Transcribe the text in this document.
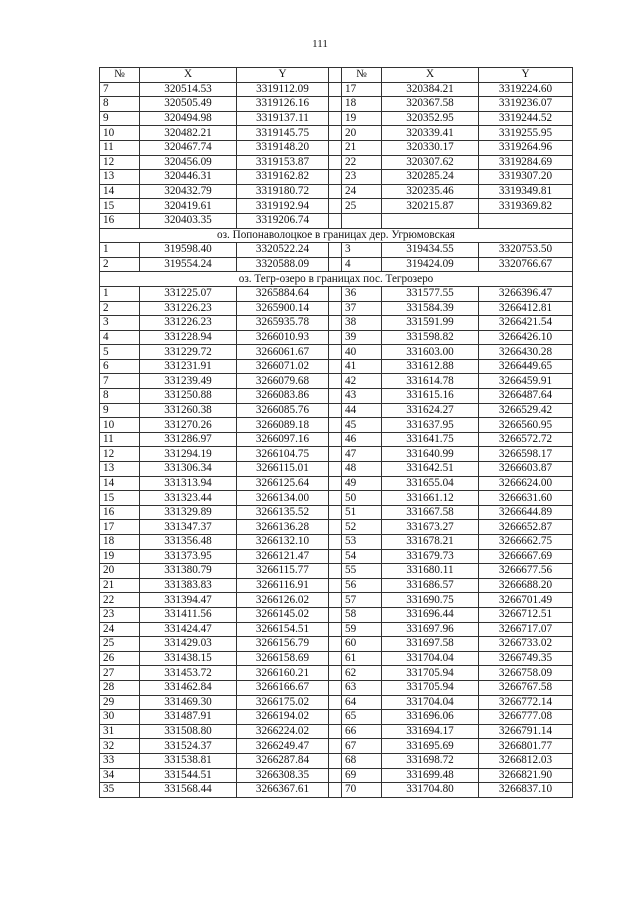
111
№	X	Y		№	X	Y
7	320514.53	3319112.09		17	320384.21	3319224.60
8	320505.49	3319126.16		18	320367.58	3319236.07
9	320494.98	3319137.11		19	320352.95	3319244.52
10	320482.21	3319145.75		20	320339.41	3319255.95
11	320467.74	3319148.20		21	320330.17	3319264.96
12	320456.09	3319153.87		22	320307.62	3319284.69
13	320446.31	3319162.82		23	320285.24	3319307.20
14	320432.79	3319180.72		24	320235.46	3319349.81
15	320419.61	3319192.94		25	320215.87	3319369.82
16	320403.35	3319206.74				
оз. Попонаволоцкое в границах дер. Угрюмовская						
1	319598.40	3320522.24		3	319434.55	3320753.50
2	319554.24	3320588.09		4	319424.09	3320766.67
оз. Тегр-озеро в границах пос. Тегрозеро						
1	331225.07	3265884.64		36	331577.55	3266396.47
2	331226.23	3265900.14		37	331584.39	3266412.81
3	331226.23	3265935.78		38	331591.99	3266421.54
4	331228.94	3266010.93		39	331598.82	3266426.10
5	331229.72	3266061.67		40	331603.00	3266430.28
6	331231.91	3266071.02		41	331612.88	3266449.65
7	331239.49	3266079.68		42	331614.78	3266459.91
8	331250.88	3266083.86		43	331615.16	3266487.64
9	331260.38	3266085.76		44	331624.27	3266529.42
10	331270.26	3266089.18		45	331637.95	3266560.95
11	331286.97	3266097.16		46	331641.75	3266572.72
12	331294.19	3266104.75		47	331640.99	3266598.17
13	331306.34	3266115.01		48	331642.51	3266603.87
14	331313.94	3266125.64		49	331655.04	3266624.00
15	331323.44	3266134.00		50	331661.12	3266631.60
16	331329.89	3266135.52		51	331667.58	3266644.89
17	331347.37	3266136.28		52	331673.27	3266652.87
18	331356.48	3266132.10		53	331678.21	3266662.75
19	331373.95	3266121.47		54	331679.73	3266667.69
20	331380.79	3266115.77		55	331680.11	3266677.56
21	331383.83	3266116.91		56	331686.57	3266688.20
22	331394.47	3266126.02		57	331690.75	3266701.49
23	331411.56	3266145.02		58	331696.44	3266712.51
24	331424.47	3266154.51		59	331697.96	3266717.07
25	331429.03	3266156.79		60	331697.58	3266733.02
26	331438.15	3266158.69		61	331704.04	3266749.35
27	331453.72	3266160.21		62	331705.94	3266758.09
28	331462.84	3266166.67		63	331705.94	3266767.58
29	331469.30	3266175.02		64	331704.04	3266772.14
30	331487.91	3266194.02		65	331696.06	3266777.08
31	331508.80	3266224.02		66	331694.17	3266791.14
32	331524.37	3266249.47		67	331695.69	3266801.77
33	331538.81	3266287.84		68	331698.72	3266812.03
34	331544.51	3266308.35		69	331699.48	3266821.90
35	331568.44	3266367.61		70	331704.80	3266837.10
